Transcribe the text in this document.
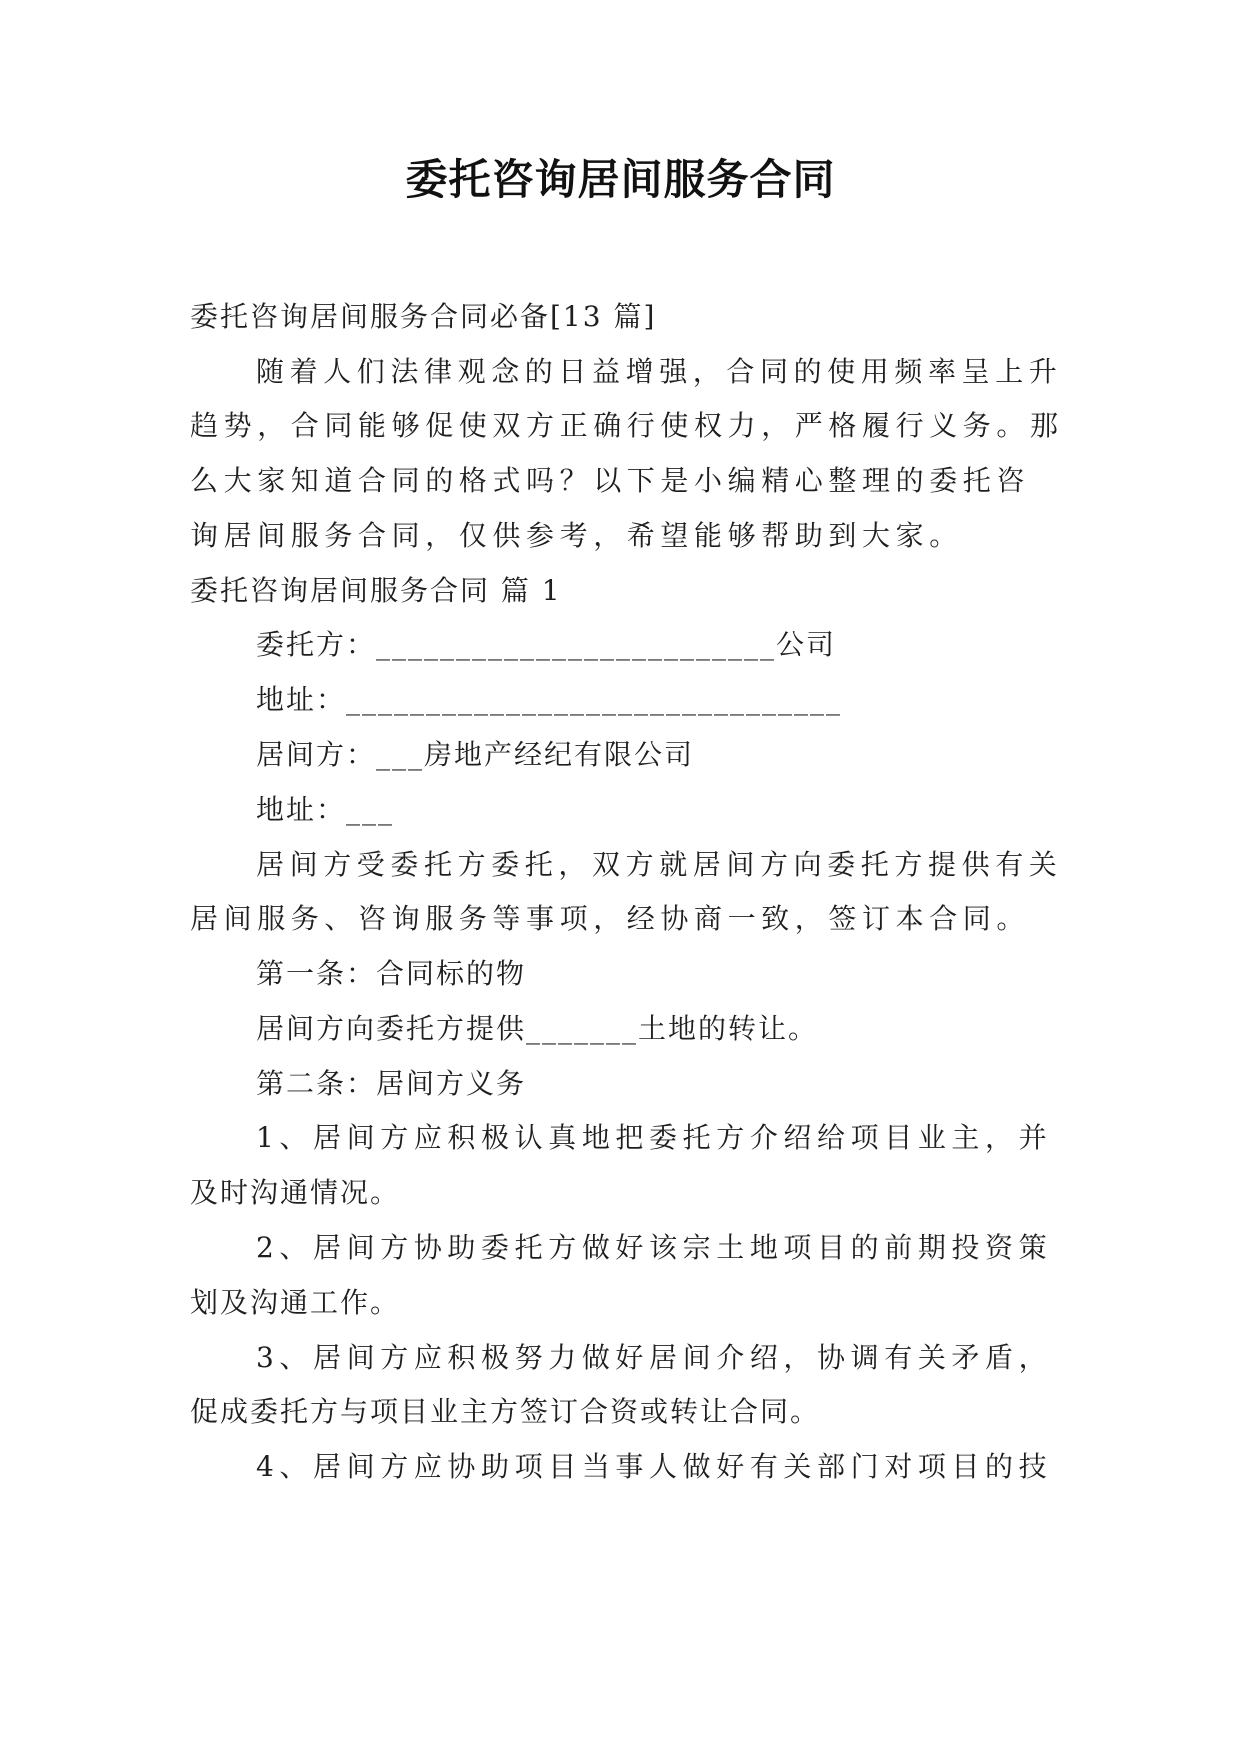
委托咨询居间服务合同
委托咨询居间服务合同必备[13 篇]
随着人们法律观念的日益增强，合同的使用频率呈上升
趋势，合同能够促使双方正确行使权力，严格履行义务。那
么大家知道合同的格式吗？以下是小编精心整理的委托咨
询居间服务合同，仅供参考，希望能够帮助到大家。
委托咨询居间服务合同 篇 1
委托方：_________________________公司
地址：_______________________________
居间方：___房地产经纪有限公司
地址：___
居间方受委托方委托，双方就居间方向委托方提供有关
居间服务、咨询服务等事项，经协商一致，签订本合同。
第一条：合同标的物
居间方向委托方提供_______土地的转让。
第二条：居间方义务
1、居间方应积极认真地把委托方介绍给项目业主，并
及时沟通情况。
2、居间方协助委托方做好该宗土地项目的前期投资策
划及沟通工作。
3、居间方应积极努力做好居间介绍，协调有关矛盾，
促成委托方与项目业主方签订合资或转让合同。
4、居间方应协助项目当事人做好有关部门对项目的技
